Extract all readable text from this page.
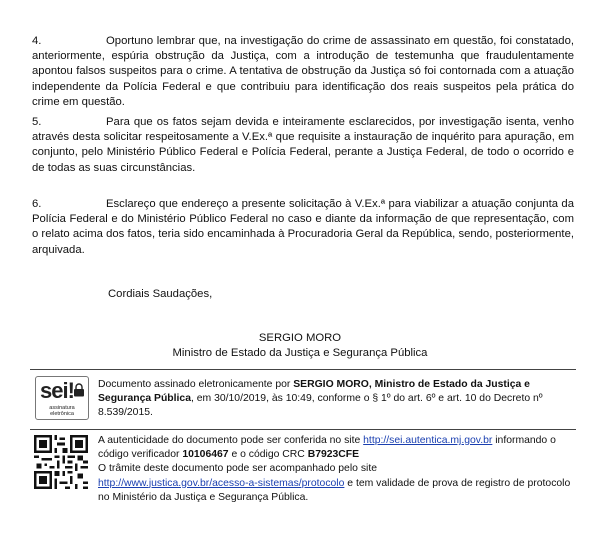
4.	Oportuno lembrar que, na investigação do crime de assassinato em questão, foi constatado, anteriormente, espúria obstrução da Justiça, com a introdução de testemunha que fraudulentamente apontou falsos suspeitos para o crime. A tentativa de obstrução da Justiça só foi contornada com a atuação independente da Polícia Federal e que contribuiu para identificação dos reais suspeitos pela prática do crime em questão.

5.	Para que os fatos sejam devida e inteiramente esclarecidos, por investigação isenta, venho através desta solicitar respeitosamente a V.Ex.ª que requisite a instauração de inquérito para apuração, em conjunto, pelo Ministério Público Federal e Polícia Federal, perante a Justiça Federal, de todo o ocorrido e de todas as suas circunstâncias.

6.	Esclareço que endereço a presente solicitação à V.Ex.ª para viabilizar a atuação conjunta da Polícia Federal e do Ministério Público Federal no caso e diante da informação de que representação, com o relato acima dos fatos, teria sido encaminhada à Procuradoria Geral da República, sendo, posteriormente, arquivada.

Cordiais Saudações,

SERGIO MORO

Ministro de Estado da Justiça e Segurança Pública

sei!
assinatura
eletrônica

Documento assinado eletronicamente por SERGIO MORO, Ministro de Estado da Justiça e Segurança Pública, em 30/10/2019, às 10:49, conforme o § 1º do art. 6º e art. 10 do Decreto nº 8.539/2015.

A autenticidade do documento pode ser conferida no site http://sei.autentica.mj.gov.br informando o código verificador 10106467 e o código CRC B7923CFE
O trâmite deste documento pode ser acompanhado pelo site
http://www.justica.gov.br/acesso-a-sistemas/protocolo e tem validade de prova de registro de protocolo no Ministério da Justiça e Segurança Pública.
